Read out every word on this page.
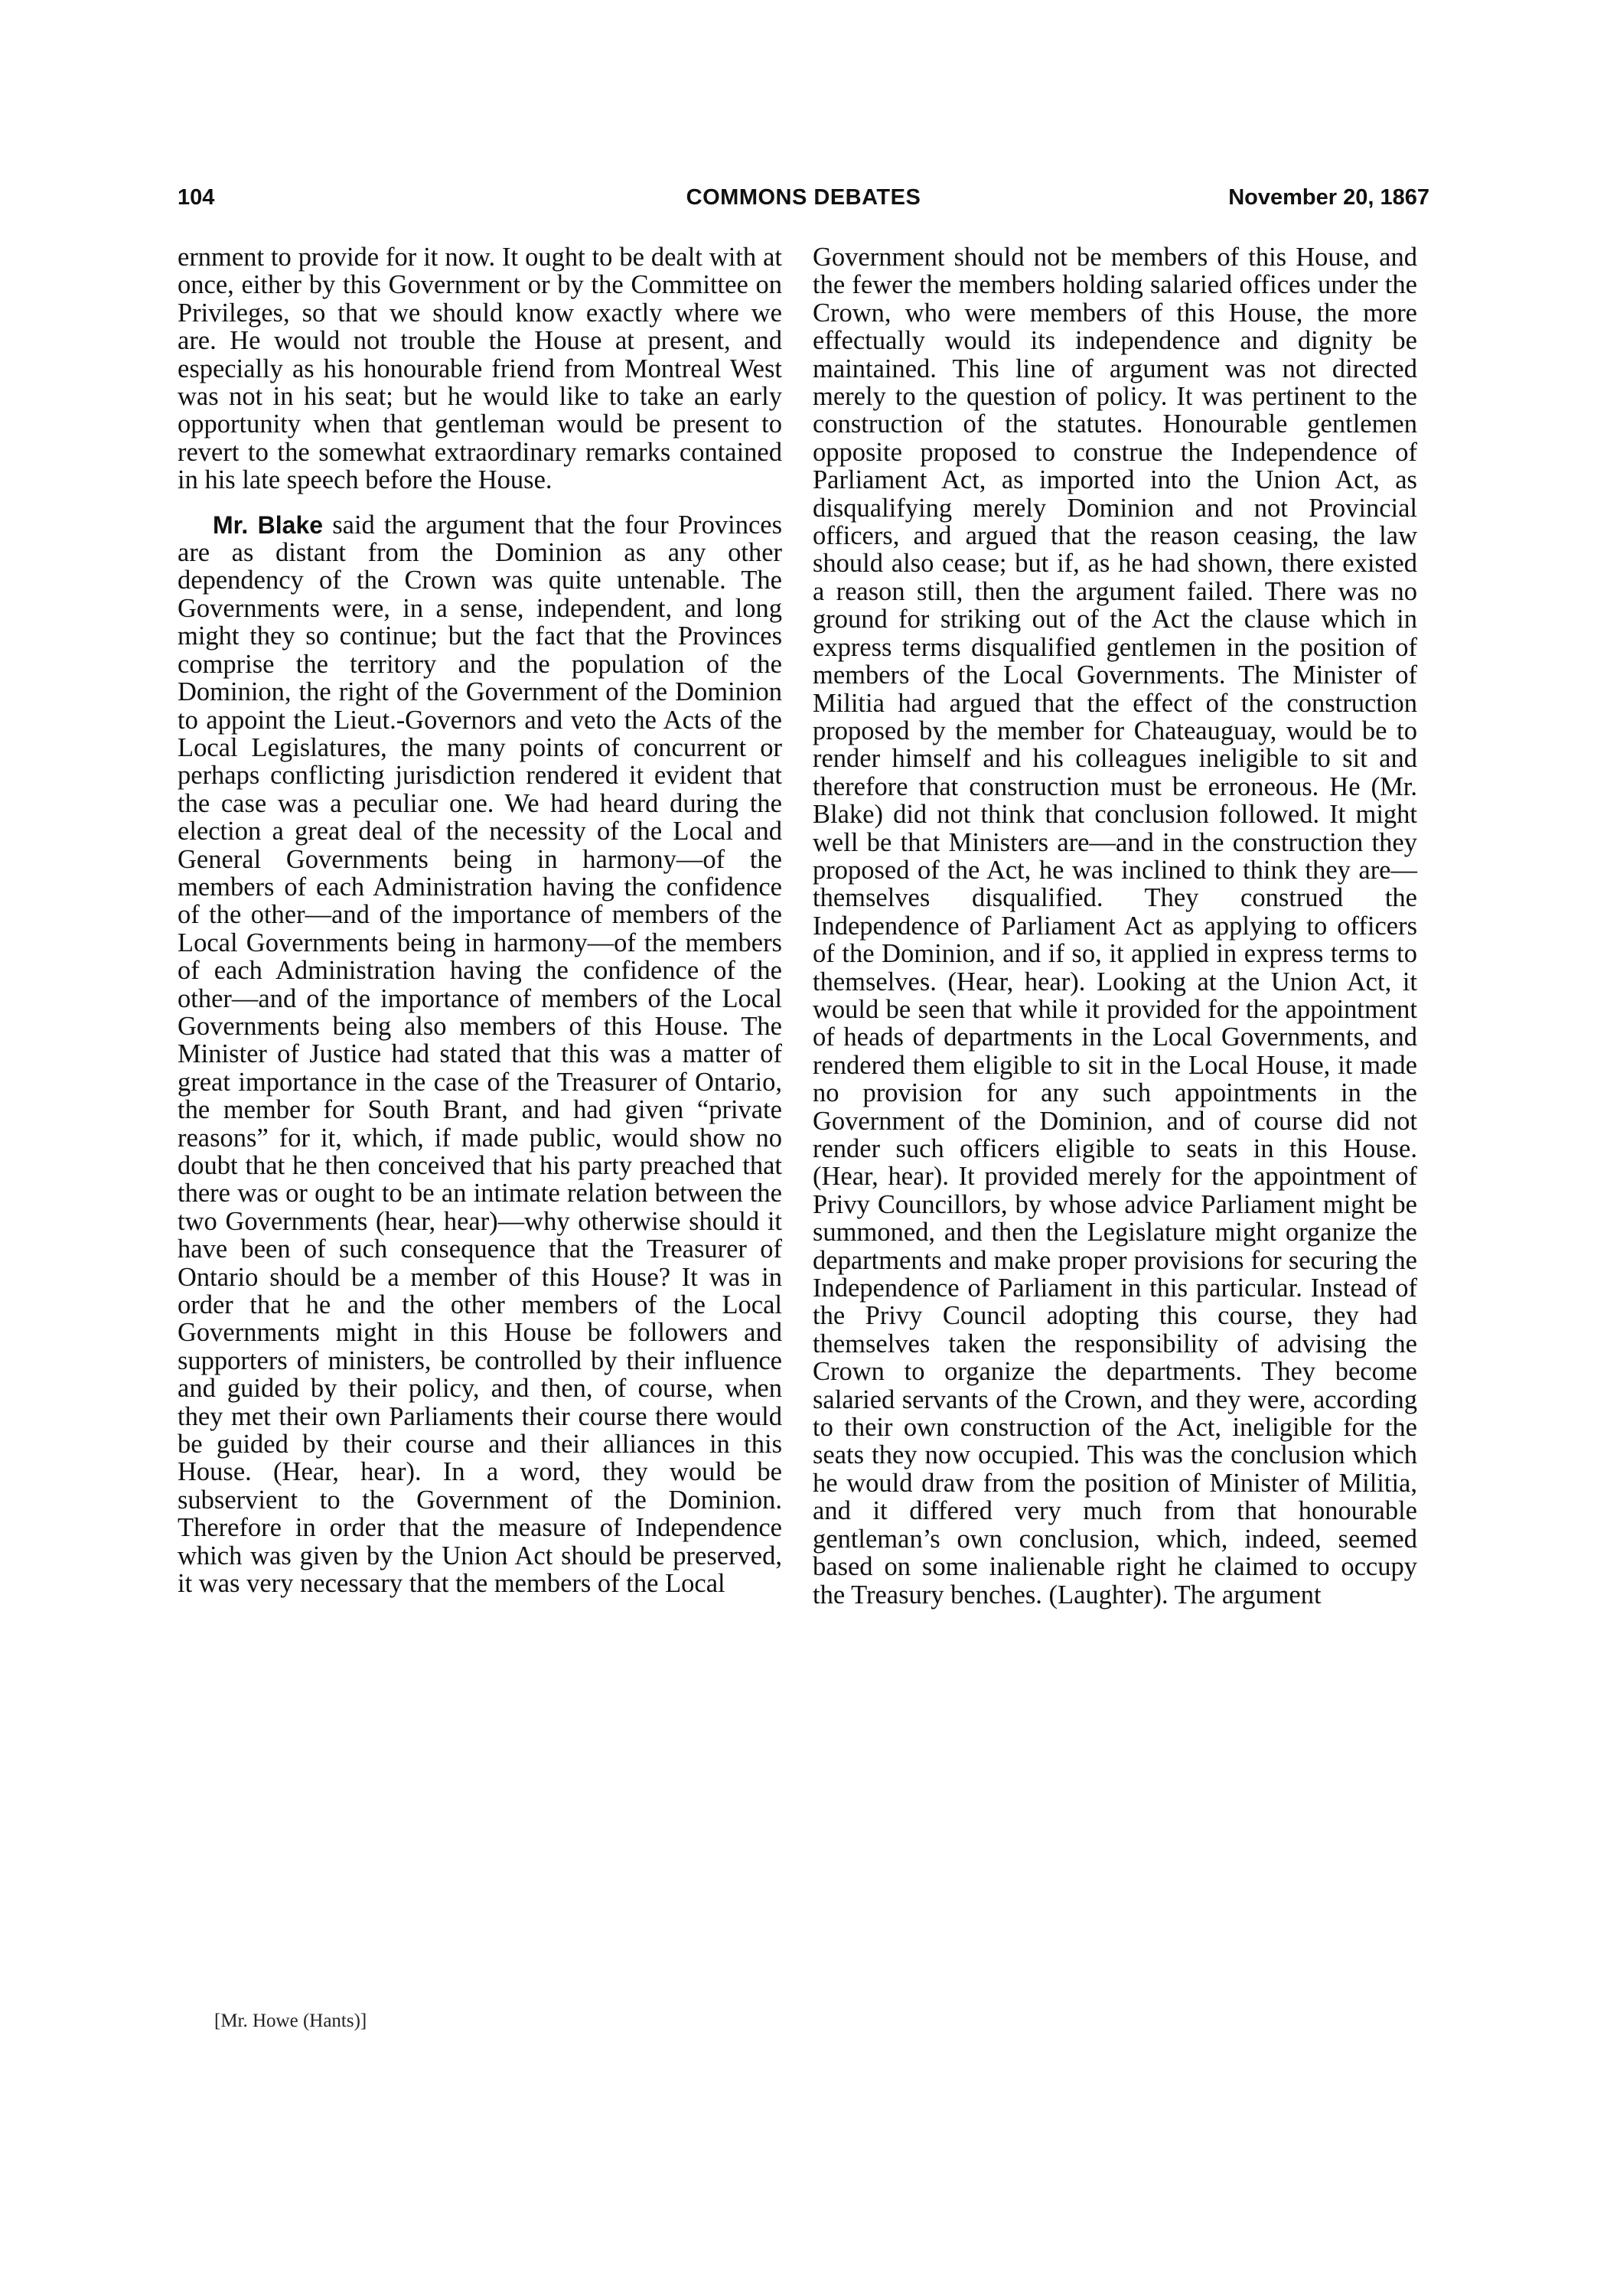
104	COMMONS DEBATES	November 20, 1867

ernment to provide for it now. It ought to be dealt with at once, either by this Government or by the Committee on Privileges, so that we should know exactly where we are. He would not trouble the House at present, and especially as his honourable friend from Montreal West was not in his seat; but he would like to take an early opportunity when that gentleman would be present to revert to the somewhat extraordinary remarks contained in his late speech before the House.

Mr. Blake said the argument that the four Provinces are as distant from the Dominion as any other dependency of the Crown was quite untenable. The Governments were, in a sense, independent, and long might they so continue; but the fact that the Provinces comprise the territory and the population of the Dominion, the right of the Government of the Dominion to appoint the Lieut.-Governors and veto the Acts of the Local Legislatures, the many points of concurrent or perhaps conflicting jurisdiction rendered it evident that the case was a peculiar one. We had heard during the election a great deal of the necessity of the Local and General Governments being in harmony—of the members of each Administration having the confidence of the other—and of the importance of members of the Local Governments being in harmony—of the members of each Administration having the confidence of the other—and of the importance of members of the Local Governments being also members of this House. The Minister of Justice had stated that this was a matter of great importance in the case of the Treasurer of Ontario, the member for South Brant, and had given “private reasons” for it, which, if made public, would show no doubt that he then conceived that his party preached that there was or ought to be an intimate relation between the two Governments (hear, hear)—why otherwise should it have been of such consequence that the Treasurer of Ontario should be a member of this House? It was in order that he and the other members of the Local Governments might in this House be followers and supporters of ministers, be controlled by their influence and guided by their policy, and then, of course, when they met their own Parliaments their course there would be guided by their course and their alliances in this House. (Hear, hear). In a word, they would be subservient to the Government of the Dominion. Therefore in order that the measure of Independence which was given by the Union Act should be preserved, it was very necessary that the members of the Local

Government should not be members of this House, and the fewer the members holding salaried offices under the Crown, who were members of this House, the more effectually would its independence and dignity be maintained. This line of argument was not directed merely to the question of policy. It was pertinent to the construction of the statutes. Honourable gentlemen opposite proposed to construe the Independence of Parliament Act, as imported into the Union Act, as disqualifying merely Dominion and not Provincial officers, and argued that the reason ceasing, the law should also cease; but if, as he had shown, there existed a reason still, then the argument failed. There was no ground for striking out of the Act the clause which in express terms disqualified gentlemen in the position of members of the Local Governments. The Minister of Militia had argued that the effect of the construction proposed by the member for Chateauguay, would be to render himself and his colleagues ineligible to sit and therefore that construction must be erroneous. He (Mr. Blake) did not think that conclusion followed. It might well be that Ministers are—and in the construction they proposed of the Act, he was inclined to think they are—themselves disqualified. They construed the Independence of Parliament Act as applying to officers of the Dominion, and if so, it applied in express terms to themselves. (Hear, hear). Looking at the Union Act, it would be seen that while it provided for the appointment of heads of departments in the Local Governments, and rendered them eligible to sit in the Local House, it made no provision for any such appointments in the Government of the Dominion, and of course did not render such officers eligible to seats in this House. (Hear, hear). It provided merely for the appointment of Privy Councillors, by whose advice Parliament might be summoned, and then the Legislature might organize the departments and make proper provisions for securing the Independence of Parliament in this particular. Instead of the Privy Council adopting this course, they had themselves taken the responsibility of advising the Crown to organize the departments. They become salaried servants of the Crown, and they were, according to their own construction of the Act, ineligible for the seats they now occupied. This was the conclusion which he would draw from the position of Minister of Militia, and it differed very much from that honourable gentleman’s own conclusion, which, indeed, seemed based on some inalienable right he claimed to occupy the Treasury benches. (Laughter). The argument

[Mr. Howe (Hants)]
